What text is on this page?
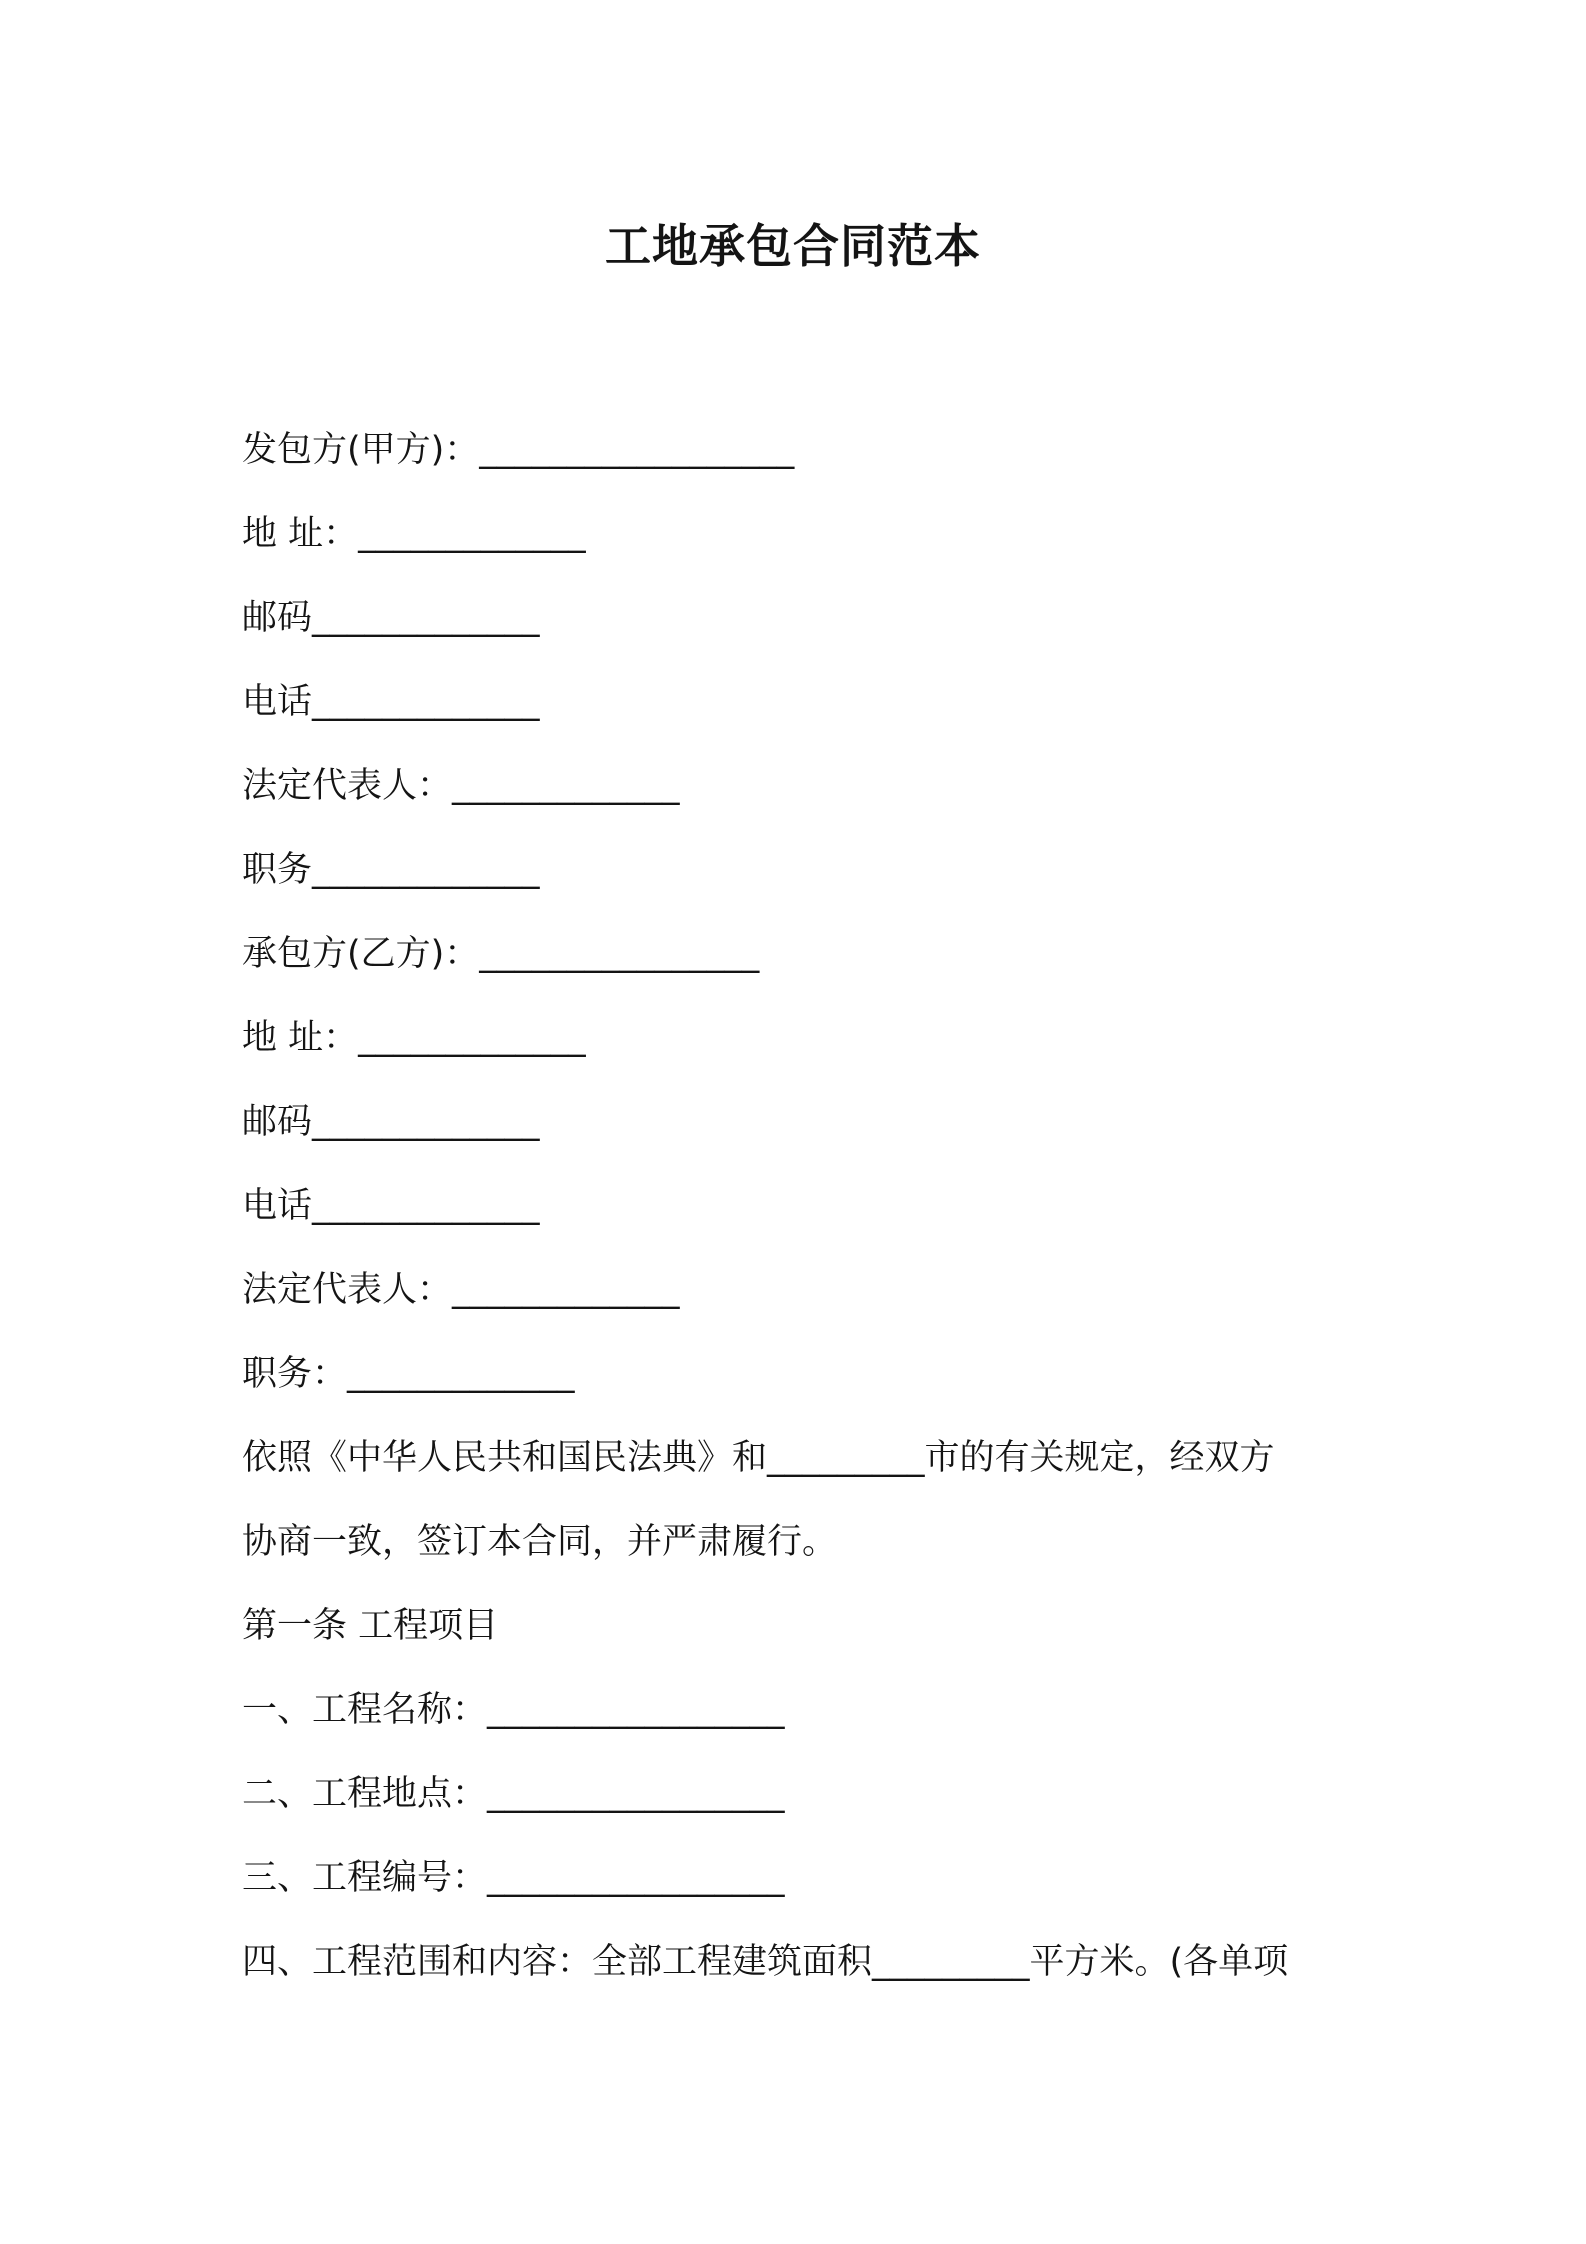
工地承包合同范本
发包方(甲方)：__________________
地 址：_____________
邮码_____________
电话_____________
法定代表人：_____________
职务_____________
承包方(乙方)：________________
地 址：_____________
邮码_____________
电话_____________
法定代表人：_____________
职务：_____________
依照《中华人民共和国民法典》和_________市的有关规定，经双方
协商一致，签订本合同，并严肃履行。
第一条 工程项目
一、工程名称：_________________
二、工程地点：_________________
三、工程编号：_________________
四、工程范围和内容：全部工程建筑面积_________平方米。(各单项
